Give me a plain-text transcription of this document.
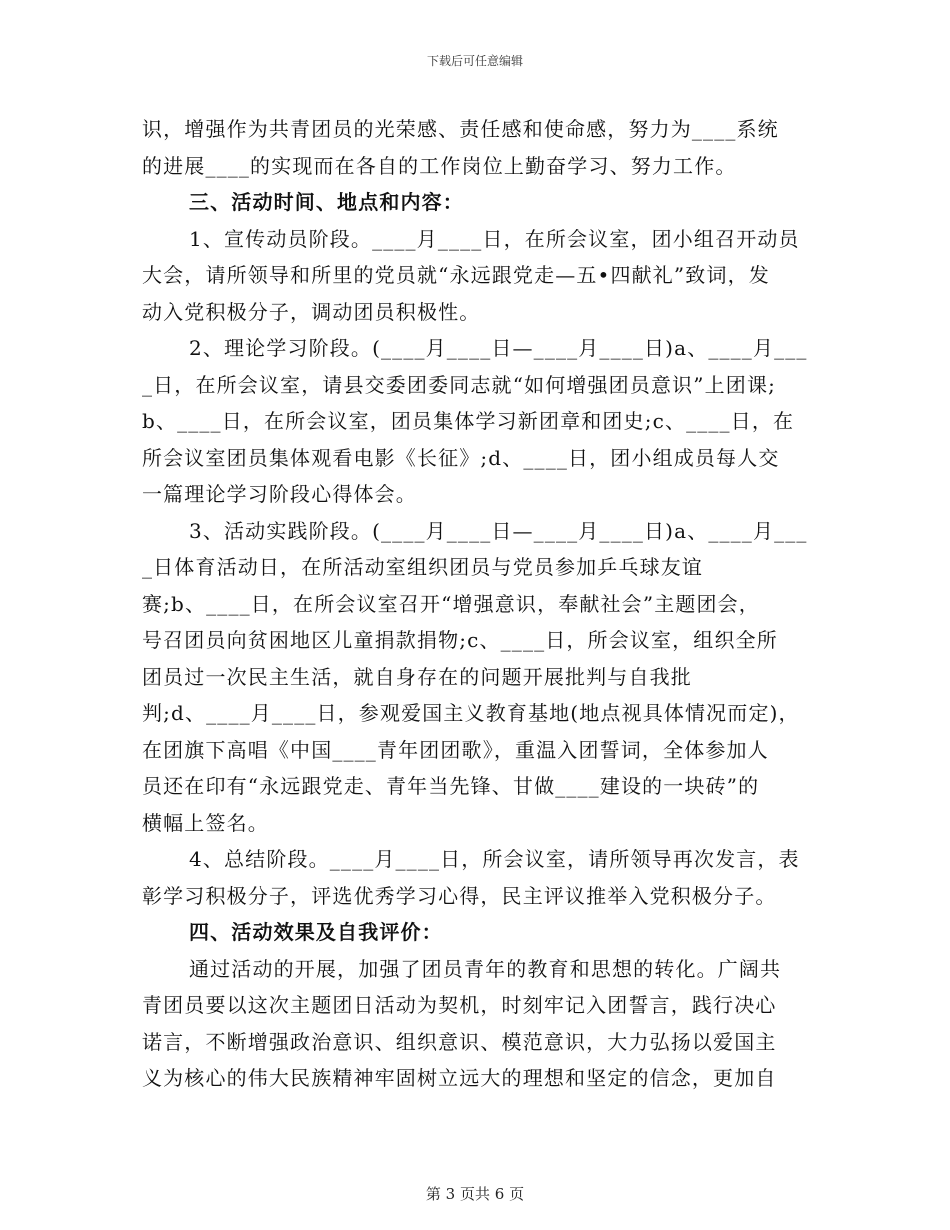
下载后可任意编辑
识，增强作为共青团员的光荣感、责任感和使命感，努力为____系统
的进展____的实现而在各自的工作岗位上勤奋学习、努力工作。
三、活动时间、地点和内容：
1、宣传动员阶段。____月____日，在所会议室，团小组召开动员
大会，请所领导和所里的党员就“永远跟党走—五•四献礼”致词，发
动入党积极分子，调动团员积极性。
2、理论学习阶段。(____月____日—____月____日)a、____月___
_日，在所会议室，请县交委团委同志就“如何增强团员意识”上团课;
b、____日，在所会议室，团员集体学习新团章和团史;c、____日，在
所会议室团员集体观看电影《长征》;d、____日，团小组成员每人交
一篇理论学习阶段心得体会。
3、活动实践阶段。(____月____日—____月____日)a、____月___
_日体育活动日，在所活动室组织团员与党员参加乒乓球友谊
赛;b、____日，在所会议室召开“增强意识，奉献社会”主题团会，
号召团员向贫困地区儿童捐款捐物;c、____日，所会议室，组织全所
团员过一次民主生活，就自身存在的问题开展批判与自我批
判;d、____月____日，参观爱国主义教育基地(地点视具体情况而定)，
在团旗下高唱《中国____青年团团歌》，重温入团誓词，全体参加人
员还在印有“永远跟党走、青年当先锋、甘做____建设的一块砖”的
横幅上签名。
4、总结阶段。____月____日，所会议室，请所领导再次发言，表
彰学习积极分子，评选优秀学习心得，民主评议推举入党积极分子。
四、活动效果及自我评价：
通过活动的开展，加强了团员青年的教育和思想的转化。广阔共
青团员要以这次主题团日活动为契机，时刻牢记入团誓言，践行决心
诺言，不断增强政治意识、组织意识、模范意识，大力弘扬以爱国主
义为核心的伟大民族精神牢固树立远大的理想和坚定的信念，更加自
第 3 页共 6 页
